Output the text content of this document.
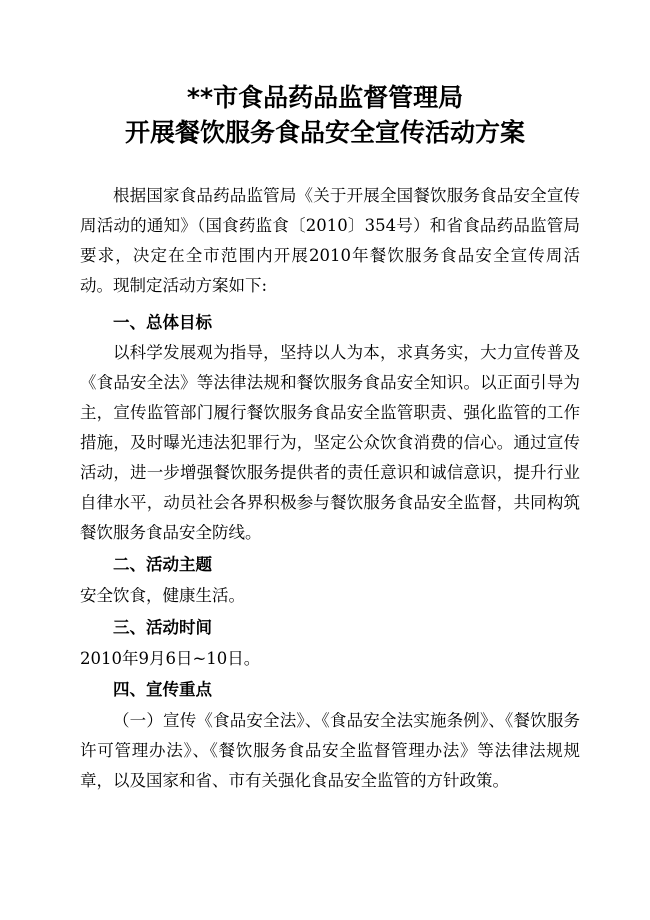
**市食品药品监督管理局
开展餐饮服务食品安全宣传活动方案
根据国家食品药品监管局《关于开展全国餐饮服务食品安全宣传周活动的通知》（国食药监食〔2010〕354号）和省食品药品监管局要求，决定在全市范围内开展2010年餐饮服务食品安全宣传周活动。现制定活动方案如下:
一、总体目标
以科学发展观为指导，坚持以人为本，求真务实，大力宣传普及《食品安全法》等法律法规和餐饮服务食品安全知识。以正面引导为主，宣传监管部门履行餐饮服务食品安全监管职责、强化监管的工作措施，及时曝光违法犯罪行为，坚定公众饮食消费的信心。通过宣传活动，进一步增强餐饮服务提供者的责任意识和诚信意识，提升行业自律水平，动员社会各界积极参与餐饮服务食品安全监督，共同构筑餐饮服务食品安全防线。
二、活动主题
安全饮食，健康生活。
三、活动时间
2010年9月6日~10日。
四、宣传重点
（一）宣传《食品安全法》、《食品安全法实施条例》、《餐饮服务许可管理办法》、《餐饮服务食品安全监督管理办法》等法律法规规章，以及国家和省、市有关强化食品安全监管的方针政策。
